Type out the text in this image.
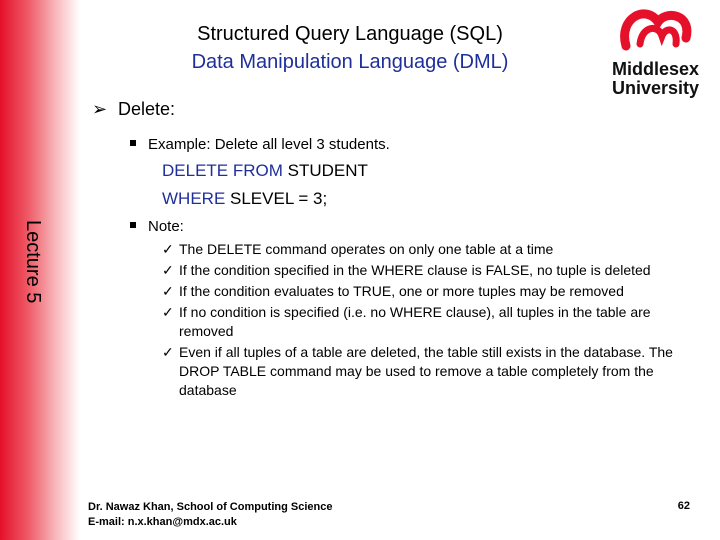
Structured Query Language (SQL)
Data Manipulation Language (DML)	Middlesex
University
Lecture 5
➢ Delete:
Example: Delete all level 3 students.
DELETE FROM STUDENT
WHERE SLEVEL = 3;
Note:
✓ The DELETE command operates on only one table at a time
✓ If the condition specified in the WHERE clause is FALSE, no tuple is deleted
✓ If the condition evaluates to TRUE, one or more tuples may be removed
✓ If no condition is specified (i.e. no WHERE clause), all tuples in the table are removed
✓ Even if all tuples of a table are deleted, the table still exists in the database. The DROP TABLE command may be used to remove a table completely from the database
Dr. Nawaz Khan, School of Computing Science
E-mail: n.x.khan@mdx.ac.uk
62
